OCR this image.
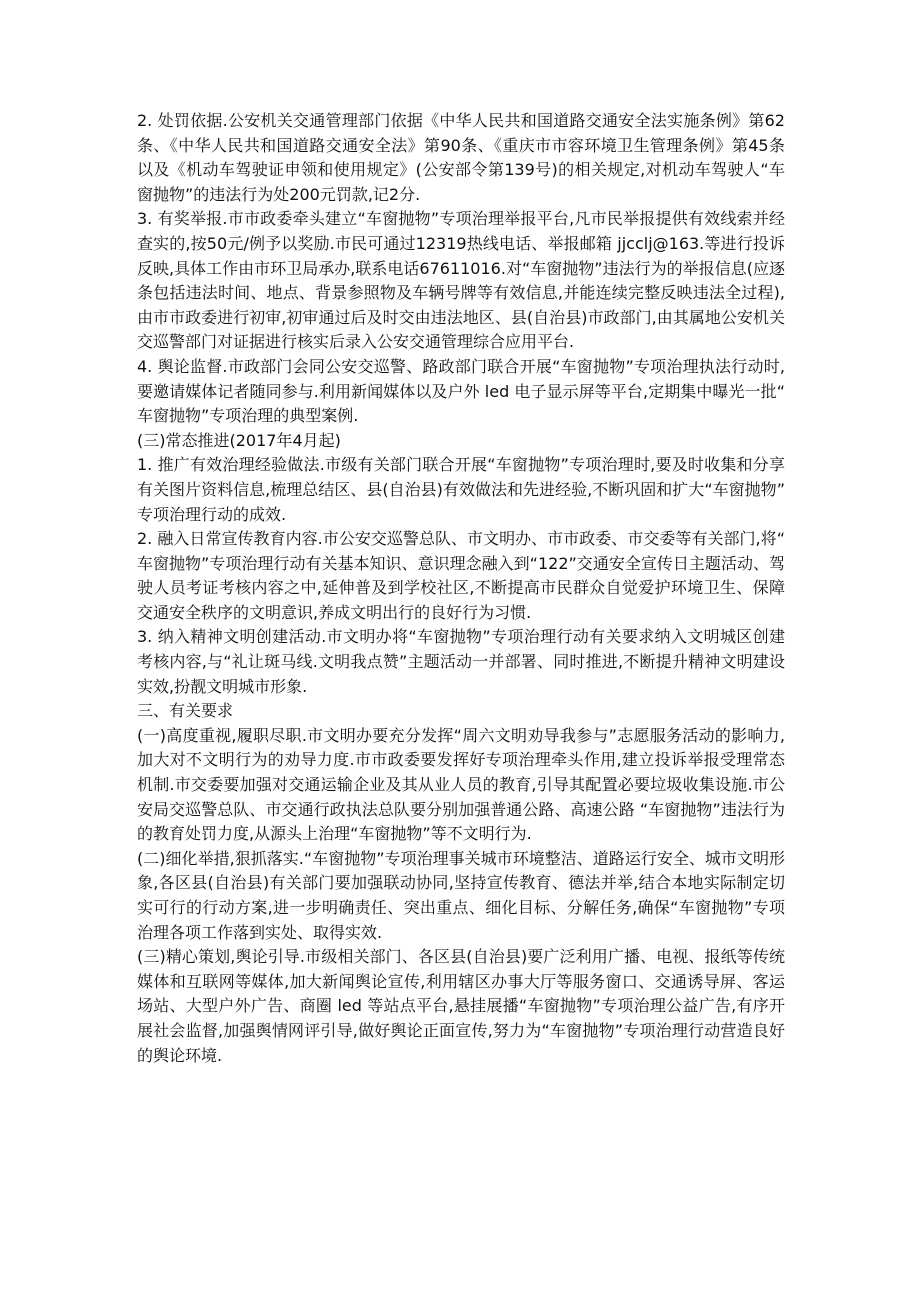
2. 处罚依据.公安机关交通管理部门依据《中华人民共和国道路交通安全法实施条例》第62条、《中华人民共和国道路交通安全法》第90条、《重庆市市容环境卫生管理条例》第45条以及《机动车驾驶证申领和使用规定》(公安部令第139号)的相关规定,对机动车驾驶人“车窗抛物”的违法行为处200元罚款,记2分.

3. 有奖举报.市市政委牵头建立“车窗抛物”专项治理举报平台,凡市民举报提供有效线索并经查实的,按50元/例予以奖励.市民可通过12319热线电话、举报邮箱 jjcclj@163.等进行投诉反映,具体工作由市环卫局承办,联系电话67611016.对“车窗抛物”违法行为的举报信息(应逐条包括违法时间、地点、背景参照物及车辆号牌等有效信息,并能连续完整反映违法全过程),由市市政委进行初审,初审通过后及时交由违法地区、县(自治县)市政部门,由其属地公安机关交巡警部门对证据进行核实后录入公安交通管理综合应用平台.

4. 舆论监督.市政部门会同公安交巡警、路政部门联合开展“车窗抛物”专项治理执法行动时,要邀请媒体记者随同参与.利用新闻媒体以及户外 led 电子显示屏等平台,定期集中曝光一批“车窗抛物”专项治理的典型案例.

(三)常态推进(2017年4月起)

1. 推广有效治理经验做法.市级有关部门联合开展“车窗抛物”专项治理时,要及时收集和分享有关图片资料信息,梳理总结区、县(自治县)有效做法和先进经验,不断巩固和扩大“车窗抛物”专项治理行动的成效.

2. 融入日常宣传教育内容.市公安交巡警总队、市文明办、市市政委、市交委等有关部门,将“车窗抛物”专项治理行动有关基本知识、意识理念融入到“122”交通安全宣传日主题活动、驾驶人员考证考核内容之中,延伸普及到学校社区,不断提高市民群众自觉爱护环境卫生、保障交通安全秩序的文明意识,养成文明出行的良好行为习惯.

3. 纳入精神文明创建活动.市文明办将“车窗抛物”专项治理行动有关要求纳入文明城区创建考核内容,与“礼让斑马线.文明我点赞”主题活动一并部署、同时推进,不断提升精神文明建设实效,扮靓文明城市形象.

三、有关要求

(一)高度重视,履职尽职.市文明办要充分发挥“周六文明劝导我参与”志愿服务活动的影响力,加大对不文明行为的劝导力度.市市政委要发挥好专项治理牵头作用,建立投诉举报受理常态机制.市交委要加强对交通运输企业及其从业人员的教育,引导其配置必要垃圾收集设施.市公安局交巡警总队、市交通行政执法总队要分别加强普通公路、高速公路 “车窗抛物”违法行为的教育处罚力度,从源头上治理“车窗抛物”等不文明行为.

(二)细化举措,狠抓落实.“车窗抛物”专项治理事关城市环境整洁、道路运行安全、城市文明形象,各区县(自治县)有关部门要加强联动协同,坚持宣传教育、德法并举,结合本地实际制定切实可行的行动方案,进一步明确责任、突出重点、细化目标、分解任务,确保“车窗抛物”专项治理各项工作落到实处、取得实效.

(三)精心策划,舆论引导.市级相关部门、各区县(自治县)要广泛利用广播、电视、报纸等传统媒体和互联网等媒体,加大新闻舆论宣传,利用辖区办事大厅等服务窗口、交通诱导屏、客运场站、大型户外广告、商圈 led 等站点平台,悬挂展播“车窗抛物”专项治理公益广告,有序开展社会监督,加强舆情网评引导,做好舆论正面宣传,努力为“车窗抛物”专项治理行动营造良好的舆论环境.
